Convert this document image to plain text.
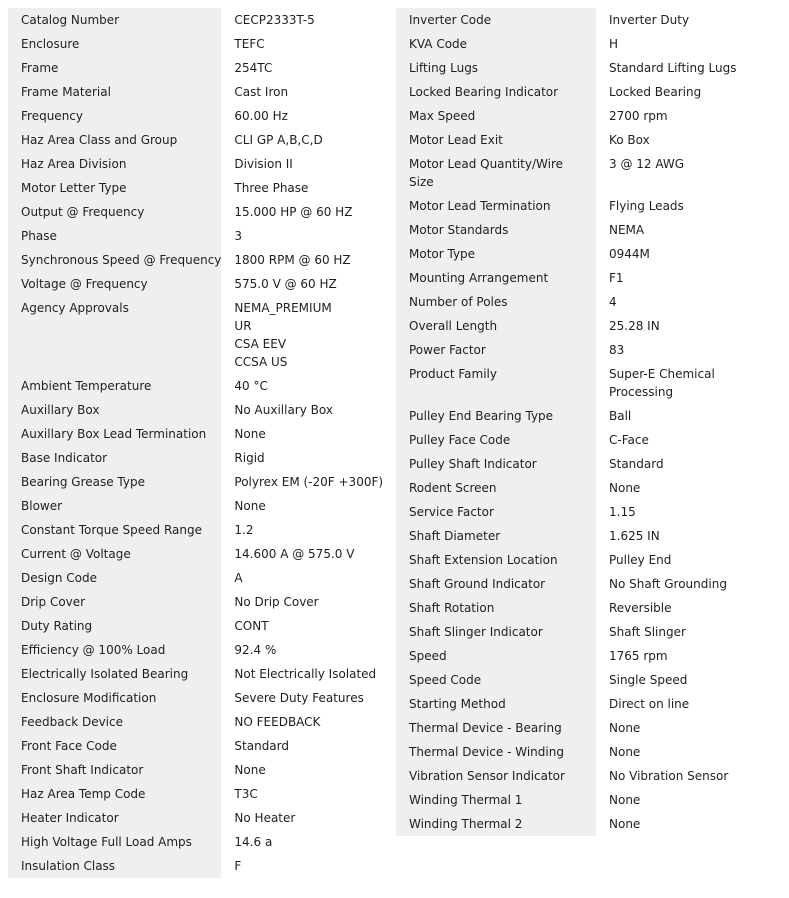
Catalog Number	CECP2333T-5

Enclosure	TEFC

Frame	254TC

Frame Material	Cast Iron

Frequency	60.00 Hz

Haz Area Class and Group	CLI GP A,B,C,D

Haz Area Division	Division II

Motor Letter Type	Three Phase

Output @ Frequency	15.000 HP @ 60 HZ

Phase	3

Synchronous Speed @ Frequency	1800 RPM @ 60 HZ

Voltage @ Frequency	575.0 V @ 60 HZ

Agency Approvals	NEMA_PREMIUM
UR
CSA EEV
CCSA US

Ambient Temperature	40 °C

Auxillary Box	No Auxillary Box

Auxillary Box Lead Termination	None

Base Indicator	Rigid

Bearing Grease Type	Polyrex EM (-20F +300F)

Blower	None

Constant Torque Speed Range	1.2

Current @ Voltage	14.600 A @ 575.0 V

Design Code	A

Drip Cover	No Drip Cover

Duty Rating	CONT

Efficiency @ 100% Load	92.4 %

Electrically Isolated Bearing	Not Electrically Isolated

Enclosure Modification	Severe Duty Features

Feedback Device	NO FEEDBACK

Front Face Code	Standard

Front Shaft Indicator	None

Haz Area Temp Code	T3C

Heater Indicator	No Heater

High Voltage Full Load Amps	14.6 a

Insulation Class	F
Inverter Code	Inverter Duty

KVA Code	H

Lifting Lugs	Standard Lifting Lugs

Locked Bearing Indicator	Locked Bearing

Max Speed	2700 rpm

Motor Lead Exit	Ko Box

Motor Lead Quantity/Wire
Size	3 @ 12 AWG

Motor Lead Termination	Flying Leads

Motor Standards	NEMA

Motor Type	0944M

Mounting Arrangement	F1

Number of Poles	4

Overall Length	25.28 IN

Power Factor	83

Product Family	Super-E Chemical
Processing

Pulley End Bearing Type	Ball

Pulley Face Code	C-Face

Pulley Shaft Indicator	Standard

Rodent Screen	None

Service Factor	1.15

Shaft Diameter	1.625 IN

Shaft Extension Location	Pulley End

Shaft Ground Indicator	No Shaft Grounding

Shaft Rotation	Reversible

Shaft Slinger Indicator	Shaft Slinger

Speed	1765 rpm

Speed Code	Single Speed

Starting Method	Direct on line

Thermal Device - Bearing	None

Thermal Device - Winding	None

Vibration Sensor Indicator	No Vibration Sensor

Winding Thermal 1	None

Winding Thermal 2	None
